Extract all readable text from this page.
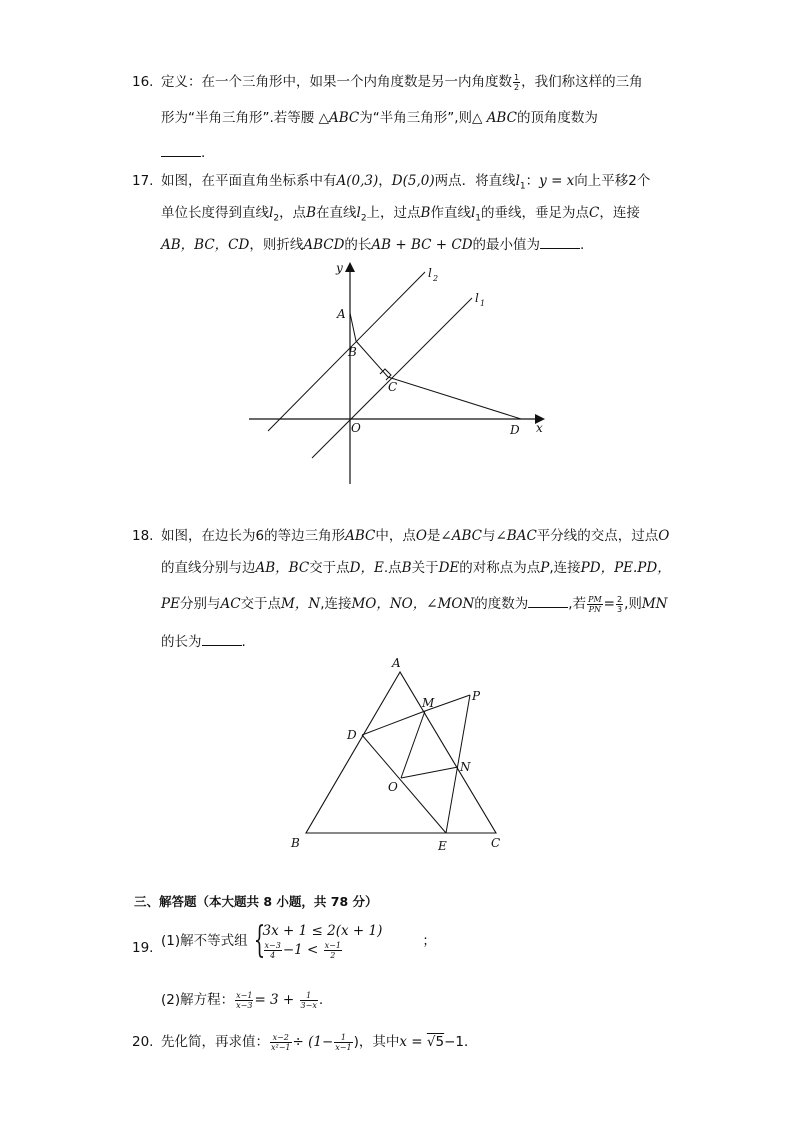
16. 定义：在一个三角形中，如果一个内角度数是另一内角度数 $\frac{1}{2}$ ，我们称这样的三角
形为“半角三角形”.若等腰 △ABC为“半角三角形”,则△ ABC的顶角度数为
.
17. 如图，在平面直角坐标系中有A(0,3)，D(5,0)两点．将直线$l_1$：y = x向上平移2个
单位长度得到直线$l_2$，点B在直线$l_2$上，过点B作直线$l_1$的垂线，垂足为点C，连接
AB，BC，CD，则折线ABCD的长AB + BC + CD的最小值为	.
y
x
l 2
l 1
A
B
C
O	D
18. 如图，在边长为6的等边三角形ABC中，点O是∠ABC与∠BAC平分线的交点，过点O
的直线分别与边AB，BC交于点D，E.点B关于DE的对称点为点P,连接PD，PE.PD，
PE分别与AC交于点M，N,连接MO，NO，∠MON的度数为	,若 $\frac{PM}{PN} = \frac{2}{3}$ ,则MN
的长为	.
A
B	C
D
E
M
N
O
P
三、解答题（本大题共 8 小题，共 78 分）
19. (1)解不等式组 {
3x + 1 ≤ 2(x + 1)
$\frac{x-3}{4} -1 < \frac{x-1}{2}$	；
(2)解方程： $\frac{x-1}{x-3} = 3 + \frac{1}{3-x}$ .
20. 先化简，再求值： $\frac{x-2}{\text{x²−1}} \div (1- \frac{1}{x-1}$ )，其中x = √5−1．
